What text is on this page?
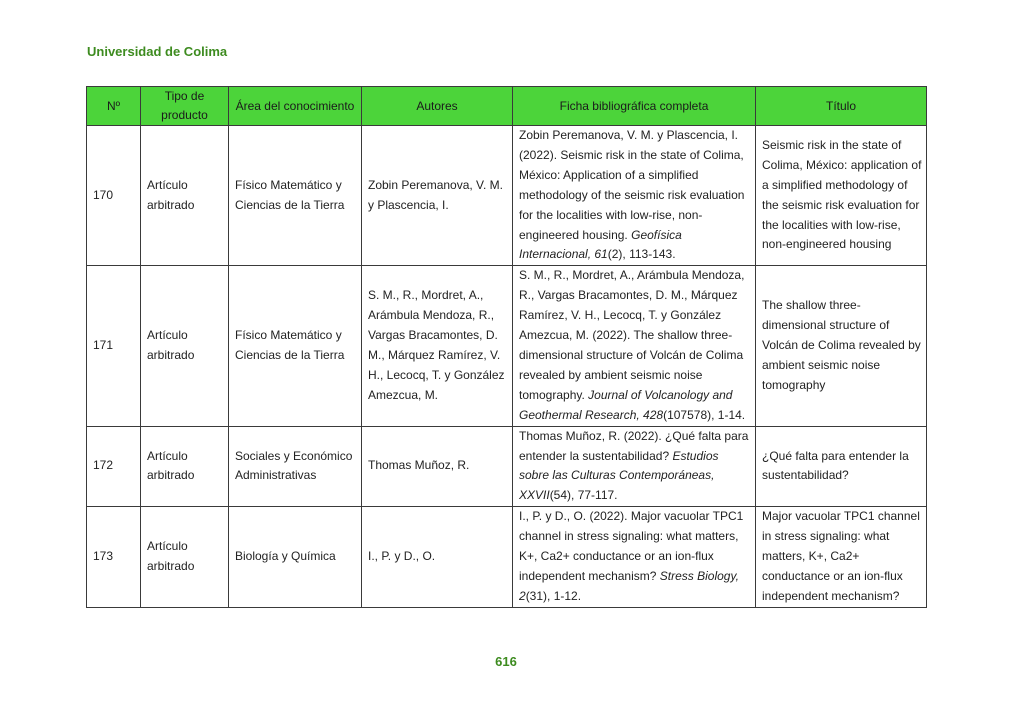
Universidad de Colima
Nº	Tipo de producto	Área del conocimiento	Autores	Ficha bibliográfica completa	Título
170	Artículo arbitrado	Físico Matemático y Ciencias de la Tierra	Zobin Peremanova, V. M. y Plascencia, I.	Zobin Peremanova, V. M. y Plascencia, I. (2022). Seismic risk in the state of Colima, México: Application of a simplified methodology of the seismic risk evaluation for the localities with low-rise, non-engineered housing. Geofísica Internacional, 61(2), 113-143.	Seismic risk in the state of Colima, México: application of a simplified methodology of the seismic risk evaluation for the localities with low-rise, non-engineered housing
171	Artículo arbitrado	Físico Matemático y Ciencias de la Tierra	S. M., R., Mordret, A., Arámbula Mendoza, R., Vargas Bracamontes, D. M., Márquez Ramírez, V. H., Lecocq, T. y González Amezcua, M.	S. M., R., Mordret, A., Arámbula Mendoza, R., Vargas Bracamontes, D. M., Márquez Ramírez, V. H., Lecocq, T. y González Amezcua, M. (2022). The shallow three-dimensional structure of Volcán de Colima revealed by ambient seismic noise tomography. Journal of Volcanology and Geothermal Research, 428(107578), 1-14.	The shallow three-dimensional structure of Volcán de Colima revealed by ambient seismic noise tomography
172	Artículo arbitrado	Sociales y Económico Administrativas	Thomas Muñoz, R.	Thomas Muñoz, R. (2022). ¿Qué falta para entender la sustentabilidad? Estudios sobre las Culturas Contemporáneas, XXVII(54), 77-117.	¿Qué falta para entender la sustentabilidad?
173	Artículo arbitrado	Biología y Química	I., P. y D., O.	I., P. y D., O. (2022). Major vacuolar TPC1 channel in stress signaling: what matters, K+, Ca2+ conductance or an ion-flux independent mechanism? Stress Biology, 2(31), 1-12.	Major vacuolar TPC1 channel in stress signaling: what matters, K+, Ca2+ conductance or an ion-flux independent mechanism?
616
